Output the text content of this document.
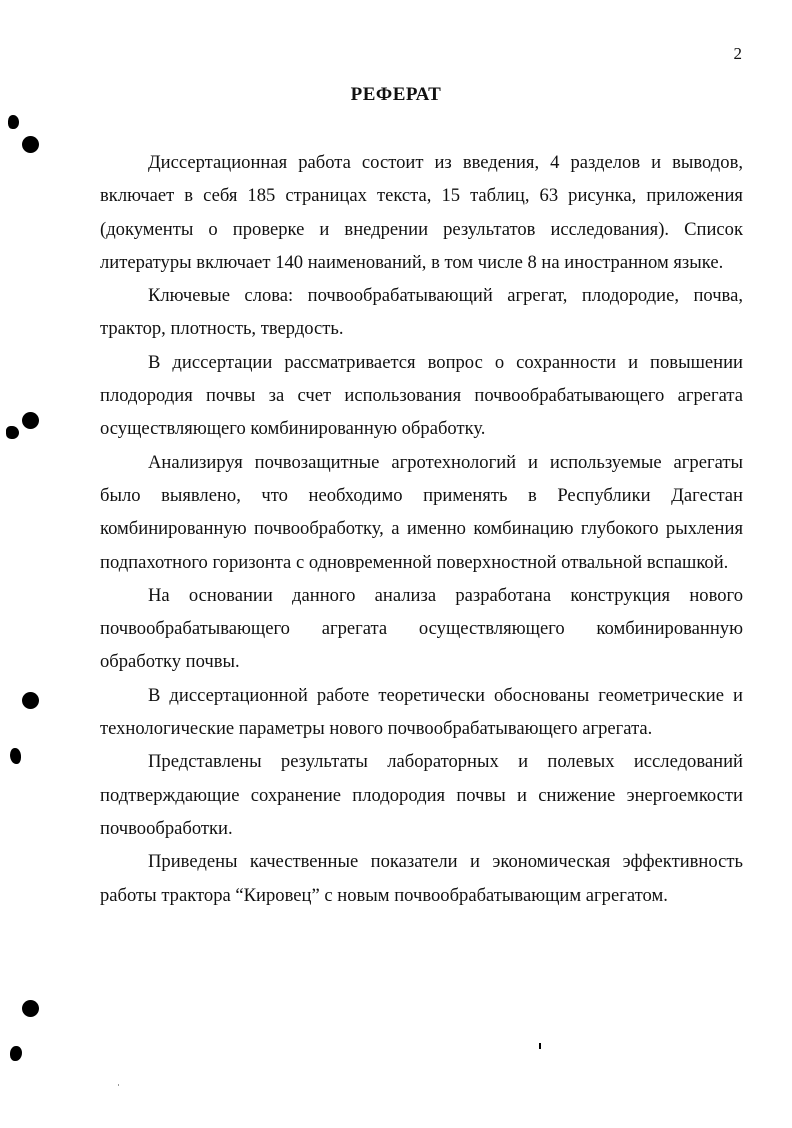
2
РЕФЕРАТ

Диссертационная работа состоит из введения, 4 разделов и выводов, включает в себя 185 страницах текста, 15 таблиц, 63 рисунка, приложения (документы о проверке и внедрении результатов исследования). Список литературы включает 140 наименований, в том числе 8 на иностранном языке.

Ключевые слова: почвообрабатывающий агрегат, плодородие, почва, трактор, плотность, твердость.

В диссертации рассматривается вопрос о сохранности и повышении плодородия почвы за счет использования почвообрабатывающего агрегата осуществляющего комбинированную обработку.

Анализируя почвозащитные агротехнологий и используемые агрегаты было выявлено, что необходимо применять в Республики Дагестан комбинированную почвообработку, а именно комбинацию глубокого рыхления подпахотного горизонта с одновременной поверхностной отвальной вспашкой.

На основании данного анализа разработана конструкция нового почвообрабатывающего агрегата осуществляющего комбинированную обработку почвы.

В диссертационной работе теоретически обоснованы геометрические и технологические параметры нового почвообрабатывающего агрегата.

Представлены результаты лабораторных и полевых исследований подтверждающие сохранение плодородия почвы и снижение энергоемкости почвообработки.

Приведены качественные показатели и экономическая эффективность работы трактора “Кировец” с новым почвообрабатывающим агрегатом.
